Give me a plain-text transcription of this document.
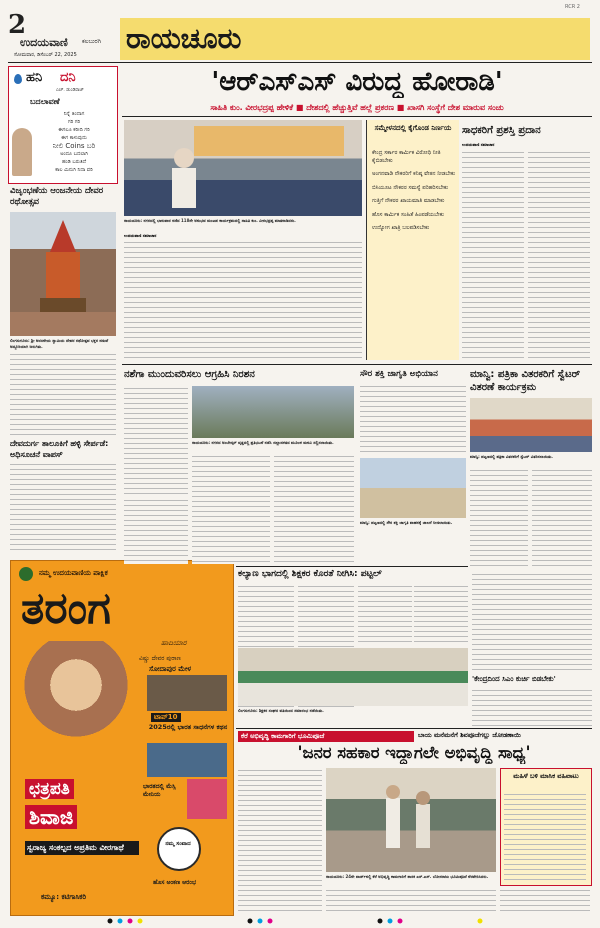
2
ಉದಯವಾಣಿ ಕಲಬುರಗಿ
ಸೋಮವಾರ, ಡಿಸೆಂಬರ್ 22, 2025 ರಾಯಚೂರು
RCR 2
ಹನಿ ದನಿ
ಎಚ್. ಡುಂಡಿರಾಜ್
ಬದಲಾವಣೆ
ನಿನ್ನೆ ತಿಂದಾಗ
ಗರಿ ಗರಿ
ಈಗಲೂ ಕರೀದಿ ಗರಿ
ಈಗ ಕಾಳುವುದು
ನೀಲಿ Coins ಬರಿ
ಅಂದೂ ಬದಲಾಗಿ
ಹಂಡಿ ಬರುತಿದೆ
ಕಾಲ ಮಿನುಗಿ ನಿದಾ ವರಿ
ವಿಜೃಂಭಣೆಯ ಆಂಜನೇಯ ದೇವರ ರಥೋತ್ಸವ
ಲಿಂಗಸುಗೂರು: ಶ್ರೀ ಆಂಜನೇಯ ಸ್ವಾಮಿಯ ದೇವರ ರಥೋತ್ಸವ ಭಕ್ತರ ನಡುವೆ ಅದ್ದೂರಿಯಾಗಿ ಜರುಗಿತು.
ದೇವದುರ್ಗ ತಾಲೂಕಿಗೆ ಹಳ್ಳಿ ಸೇರ್ಪಡೆ: ಅಧಿಸೂಚನೆ ವಾಪಸ್
ನಮ್ಮ ಉದಯವಾಣಿಯ ಪಾಕ್ಷಿಕ
ತರಂಗ
ಹಾದಿಯಾರ
ವಿಷ್ಣು ದೇವರ ಪುರಾಣ
ಸೋದಾಪುರ ಮೇಳ
ಟಾಪ್10
2025ರಲ್ಲಿ ಭಾರತ ಸಾಧನೆಗಳ ಕಥನ
ಭಾರತದಲ್ಲಿ ಮೆಸ್ಸಿ ಮೇನಿಯ
ನಮ್ಮ ಸಂವಾದ
ಹೊಸ ಅಂಕಣ ಆರಂಭ
ಛತ್ರಪತಿ
ಶಿವಾಜಿ
ಸ್ವರಾಜ್ಯ ಸಂಕಲ್ಪದ ಅಪ್ರತಿಮ ವೀರಗಾಥೆ
ಕಮ್ಯೂ: ಕಟಿಗಾಸಿಕರಿ
'ಆರ್‌ಎಸ್‌ಎಸ್ ವಿರುದ್ಧ ಹೋರಾಡಿ'
ಸಾಹಿತಿ ಕುಂ. ವೀರಭದ್ರಪ್ಪ ಹೇಳಿಕೆ ■ ದೇಶದಲ್ಲಿ ಹೆಚ್ಚುತ್ತಿವೆ ಹಲ್ಲೆ ಪ್ರಕರಣ ■ ಖಾಸಗಿ ಸಂಸ್ಥೆಗೆ ದೇಶ ಮಾರುವ ಸಂಚು
ರಾಯಚೂರು: ನಗರದಲ್ಲಿ ಭಾನುವಾರ ನಡೆದ 118ನೇ ಅನುಭವ ಮಂಟಪ ಕಾರ್ಯಕ್ರಮದಲ್ಲಿ ಸಾಹಿತಿ ಕುಂ. ವೀರಭದ್ರಪ್ಪ ಮಾತನಾಡಿದರು.
ಉದಯವಾಣಿ ಸಮಾಚಾರ
ಸಮ್ಮೇಳನದಲ್ಲಿ ಕೈಗೊಂಡ ನಿರ್ಣಯ
ಕೇಂದ್ರ ಸರ್ಕಾರ ಕಾರ್ಮಿಕ ವಿರೋಧಿ ನೀತಿ ಕೈಬಿಡಬೇಕು
ಅಂಗನವಾಡಿ ನೌಕರರಿಗೆ ಕನಿಷ್ಠ ವೇತನ ನೀಡಬೇಕು
ಬಿಸಿಯೂಟ ನೌಕರರ ಸಮಸ್ಯೆ ಪರಿಹರಿಸಬೇಕು
ಗುತ್ತಿಗೆ ನೌಕರರ ಖಾಯಮಾತಿ ಮಾಡಬೇಕು
ಹೊಸ ಕಾರ್ಮಿಕ ಸಂಹಿತೆ ಹಿಂಪಡೆಯಬೇಕು
ಉದ್ಯೋಗ ಖಾತ್ರಿ ಬಲಪಡಿಸಬೇಕು
ಸಾಧಕರಿಗೆ ಪ್ರಶಸ್ತಿ ಪ್ರದಾನ
ಉದಯವಾಣಿ ಸಮಾಚಾರ
ನಶೆಗಾ ಮುಂದುವರಿಸಲು ಆಗ್ರಹಿಸಿ ನಿರಶನ
ರಾಯಚೂರು: ನಗರದ ಅಂಬೇಡ್ಕರ್ ವೃತ್ತದಲ್ಲಿ ಪ್ರತಿಭಟನೆ ನಡೆಸಿ ಜಿಲ್ಲಾಡಳಿತದ ಮೂಲಕ ಮನವಿ ಸಲ್ಲಿಸಲಾಯಿತು.
ಸೌರ ಶಕ್ತಿ ಜಾಗೃತಿ ಅಭಿಯಾನ
ಮಾನ್ವಿ: ಪಟ್ಟಣದಲ್ಲಿ ಸೌರ ಶಕ್ತಿ ಜಾಗೃತಿ ವಾಹನಕ್ಕೆ ಚಾಲನೆ ನೀಡಲಾಯಿತು.
ಮಾನ್ವಿ: ಪತ್ರಿಕಾ ವಿತರಕರಿಗೆ ಸ್ವೆಟರ್ ವಿತರಣೆ ಕಾರ್ಯಕ್ರಮ
ಮಾನ್ವಿ: ಪಟ್ಟಣದಲ್ಲಿ ಪತ್ರಿಕಾ ವಿತರಕರಿಗೆ ಸ್ವೆಟರ್ ವಿತರಿಸಲಾಯಿತು.
ಕಲ್ಯಾಣ ಭಾಗದಲ್ಲಿ ಶಿಕ್ಷಕರ ಕೊರತೆ ನೀಗಿಸಿ: ಪಟ್ಟಲ್
ಲಿಂಗಸುಗೂರು: ಶಿಕ್ಷಕರ ಸಂಘದ ವತಿಯಿಂದ ಸಮಾರಂಭ ನಡೆಯಿತು.
'ಕೇಂದ್ರದಿಂದ ಸಿಎಂ ಕುರ್ಚಿ ಬಿಡಬೇಕು'
ಕೆರೆ ಅಭಿವೃದ್ಧಿ ಕಾಮಗಾರಿಗೆ ಭೂಮಿಪೂಜೆ	ಬಾಯ ಮನೆಮನೆಗೆ ಶಿವಪೂಜೆಗಲ್ಲು ಜೋಡಣಾಯಿ
'ಜನರ ಸಹಕಾರ ಇದ್ದಾಗಲೇ ಅಭಿವೃದ್ಧಿ ಸಾಧ್ಯ'
ರಾಯಚೂರು: 24ನೇ ವಾರ್ಡ್‌ನಲ್ಲಿ ಕೆರೆ ಅಭಿವೃದ್ಧಿ ಕಾಮಗಾರಿಗೆ ಶಾಸಕ ಎಸ್.ಎಸ್. ಬೋಸರಾಜು ಭೂಮಿಪೂಜೆ ನೆರವೇರಿಸಿದರು.
ಮಹಿಳೆ ಬಳಿ ಮಾಸಿಕ ವಹಿವಾಟು
